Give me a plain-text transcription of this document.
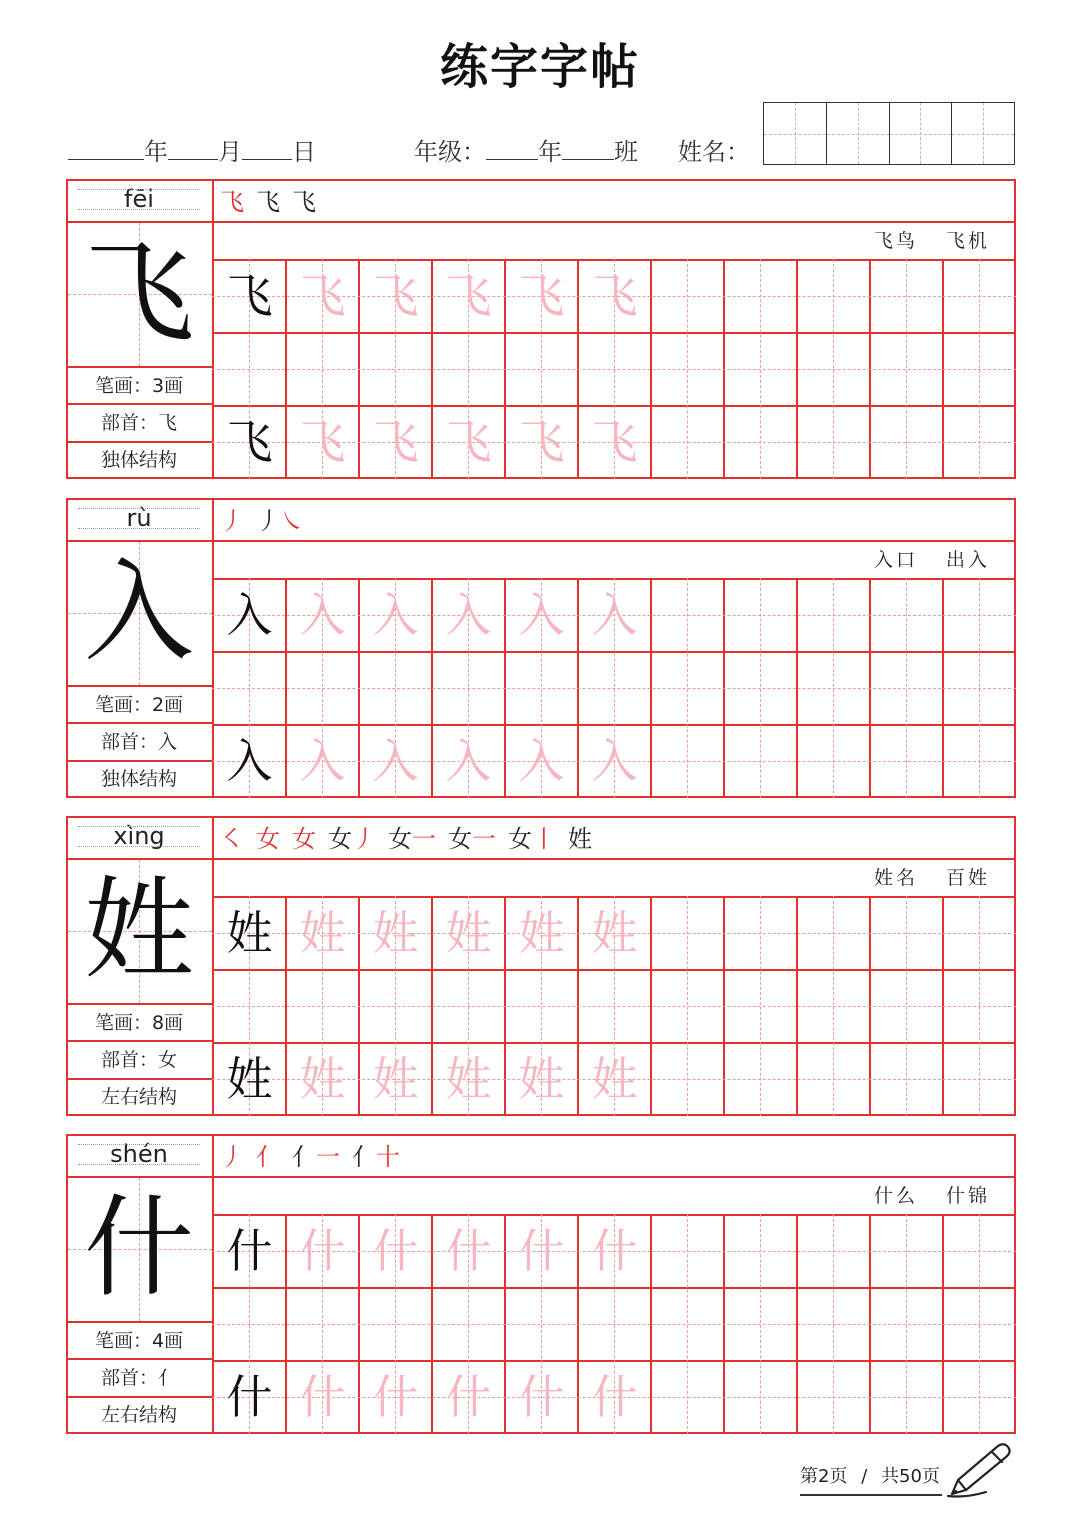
练字字帖
年 月 日	年级： 年 班 姓名：
fēi
飞
笔画：3画
部首：飞
独体结构
飞 飞 飞
飞鸟 飞机
飞 飞 飞 飞 飞 飞
飞 飞 飞 飞 飞 飞
rù
入
笔画：2画
部首：入
独体结构
丿 丿㇏
入口 出入
入 入 入 入 入 入
入 入 入 入 入 入
xìng
姓
笔画：8画
部首：女
左右结构
㇛ 女 女 女丿 女一 女一 女丨 姓
姓名 百姓
姓 姓 姓 姓 姓 姓
姓 姓 姓 姓 姓 姓
shén
什
笔画：4画
部首：亻
左右结构
丿 亻 亻一 亻十
什么 什锦
什 什 什 什 什 什
什 什 什 什 什 什
第2页 / 共50页
